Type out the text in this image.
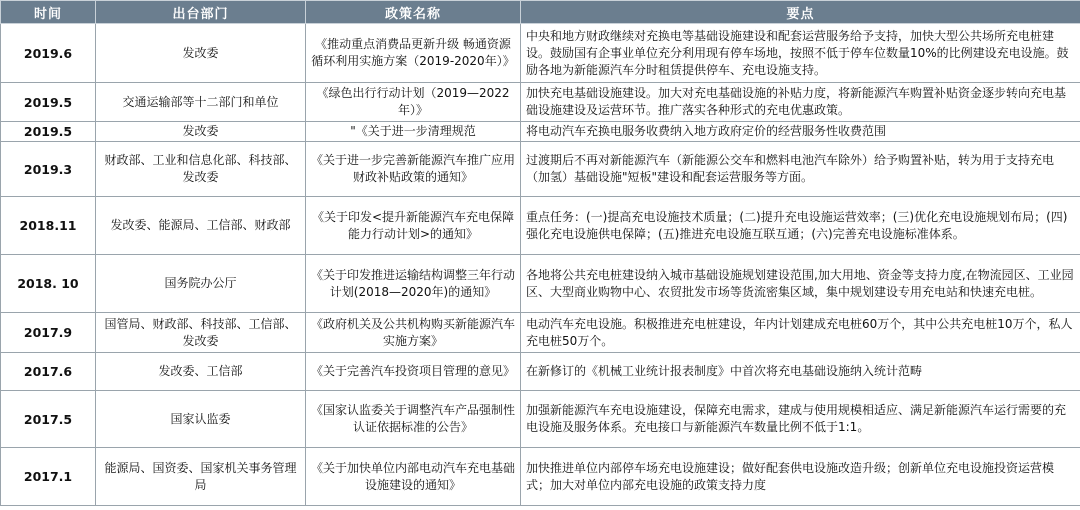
时间	出台部门	政策名称	要点
2019.6	发改委	《推动重点消费品更新升级 畅通资源循环利用实施方案（2019-2020年）》	中央和地方财政继续对充换电等基础设施建设和配套运营服务给予支持，加快大型公共场所充电桩建设。鼓励国有企事业单位充分利用现有停车场地，按照不低于停车位数量10%的比例建设充电设施。鼓励各地为新能源汽车分时租赁提供停车、充电设施支持。
2019.5	交通运输部等十二部门和单位	《绿色出行行动计划（2019—2022年）》	加快充电基础设施建设。加大对充电基础设施的补贴力度，将新能源汽车购置补贴资金逐步转向充电基础设施建设及运营环节。推广落实各种形式的充电优惠政策。
2019.5	发改委	"《关于进一步清理规范	将电动汽车充换电服务收费纳入地方政府定价的经营服务性收费范围
2019.3	财政部、工业和信息化部、科技部、发改委	《关于进一步完善新能源汽车推广应用财政补贴政策的通知》	过渡期后不再对新能源汽车（新能源公交车和燃料电池汽车除外）给予购置补贴，转为用于支持充电（加氢）基础设施"短板"建设和配套运营服务等方面。
2018.11	发改委、能源局、工信部、财政部	《关于印发<提升新能源汽车充电保障能力行动计划>的通知》	重点任务：(一)提高充电设施技术质量；(二)提升充电设施运营效率；(三)优化充电设施规划布局；(四)强化充电设施供电保障；(五)推进充电设施互联互通；(六)完善充电设施标准体系。
2018. 10	国务院办公厅	《关于印发推进运输结构调整三年行动计划(2018—2020年)的通知》	各地将公共充电桩建设纳入城市基础设施规划建设范围,加大用地、资金等支持力度,在物流园区、工业园区、大型商业购物中心、农贸批发市场等货流密集区域，集中规划建设专用充电站和快速充电桩。
2017.9	国管局、财政部、科技部、工信部、发改委	《政府机关及公共机构购买新能源汽车实施方案》	电动汽车充电设施。积极推进充电桩建设，年内计划建成充电桩60万个，其中公共充电桩10万个，私人充电桩50万个。
2017.6	发改委、工信部	《关于完善汽车投资项目管理的意见》	在新修订的《机械工业统计报表制度》中首次将充电基础设施纳入统计范畴
2017.5	国家认监委	《国家认监委关于调整汽车产品强制性认证依据标准的公告》	加强新能源汽车充电设施建设，保障充电需求，建成与使用规模相适应、满足新能源汽车运行需要的充电设施及服务体系。充电接口与新能源汽车数量比例不低于1:1。
2017.1	能源局、国资委、国家机关事务管理局	《关于加快单位内部电动汽车充电基础设施建设的通知》	加快推进单位内部停车场充电设施建设；做好配套供电设施改造升级；创新单位充电设施投资运营模式；加大对单位内部充电设施的政策支持力度
